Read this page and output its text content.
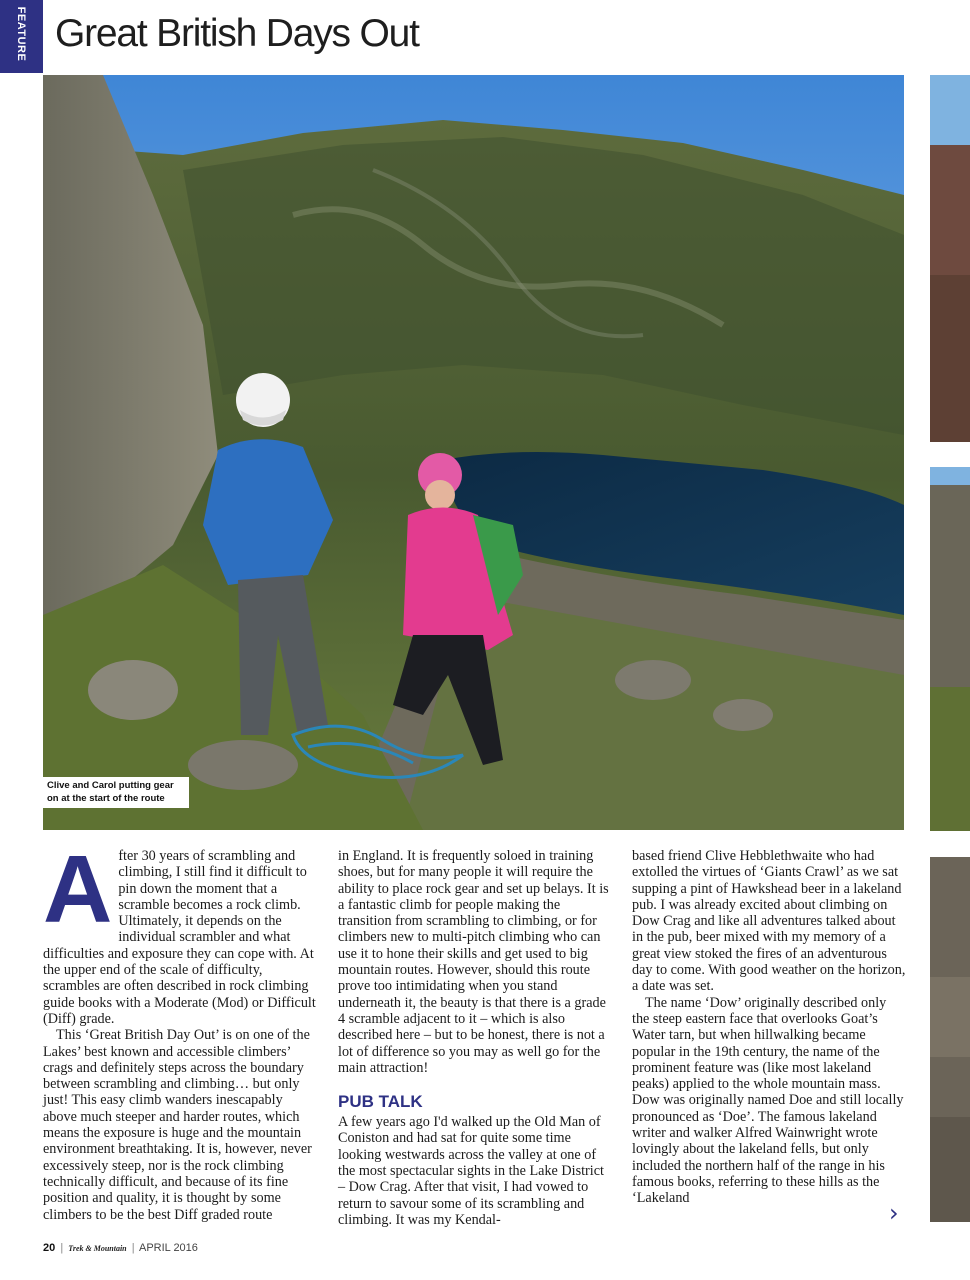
FEATURE Great British Days Out
Clive and Carol putting gear on at the start of the route

After 30 years of scrambling and climbing, I still find it difficult to pin down the moment that a scramble becomes a rock climb. Ultimately, it depends on the individual scrambler and what difficulties and exposure they can cope with. At the upper end of the scale of difficulty, scrambles are often described in rock climbing guide books with a Moderate (Mod) or Difficult (Diff) grade.

This ‘Great British Day Out’ is on one of the Lakes’ best known and accessible climbers’ crags and definitely steps across the boundary between scrambling and climbing… but only just! This easy climb wanders inescapably above much steeper and harder routes, which means the exposure is huge and the mountain environment breathtaking. It is, however, never excessively steep, nor is the rock climbing technically difficult, and because of its fine position and quality, it is thought by some climbers to be the best Diff graded route

in England. It is frequently soloed in training shoes, but for many people it will require the ability to place rock gear and set up belays. It is a fantastic climb for people making the transition from scrambling to climbing, or for climbers new to multi-pitch climbing who can use it to hone their skills and get used to big mountain routes. However, should this route prove too intimidating when you stand underneath it, the beauty is that there is a grade 4 scramble adjacent to it – which is also described here – but to be honest, there is not a lot of difference so you may as well go for the main attraction!

PUB TALK

A few years ago I'd walked up the Old Man of Coniston and had sat for quite some time looking westwards across the valley at one of the most spectacular sights in the Lake District – Dow Crag. After that visit, I had vowed to return to savour some of its scrambling and climbing. It was my Kendal-

based friend Clive Hebblethwaite who had extolled the virtues of ‘Giants Crawl’ as we sat supping a pint of Hawkshead beer in a lakeland pub. I was already excited about climbing on Dow Crag and like all adventures talked about in the pub, beer mixed with my memory of a great view stoked the fires of an adventurous day to come. With good weather on the horizon, a date was set.

The name ‘Dow’ originally described only the steep eastern face that overlooks Goat’s Water tarn, but when hillwalking became popular in the 19th century, the name of the prominent feature was (like most lakeland peaks) applied to the whole mountain mass. Dow was originally named Doe and still locally pronounced as ‘Doe’. The famous lakeland writer and walker Alfred Wainwright wrote lovingly about the lakeland fells, but only included the northern half of the range in his famous books, referring to these hills as the ‘Lakeland

›
20 | Trek & Mountain | APRIL 2016
